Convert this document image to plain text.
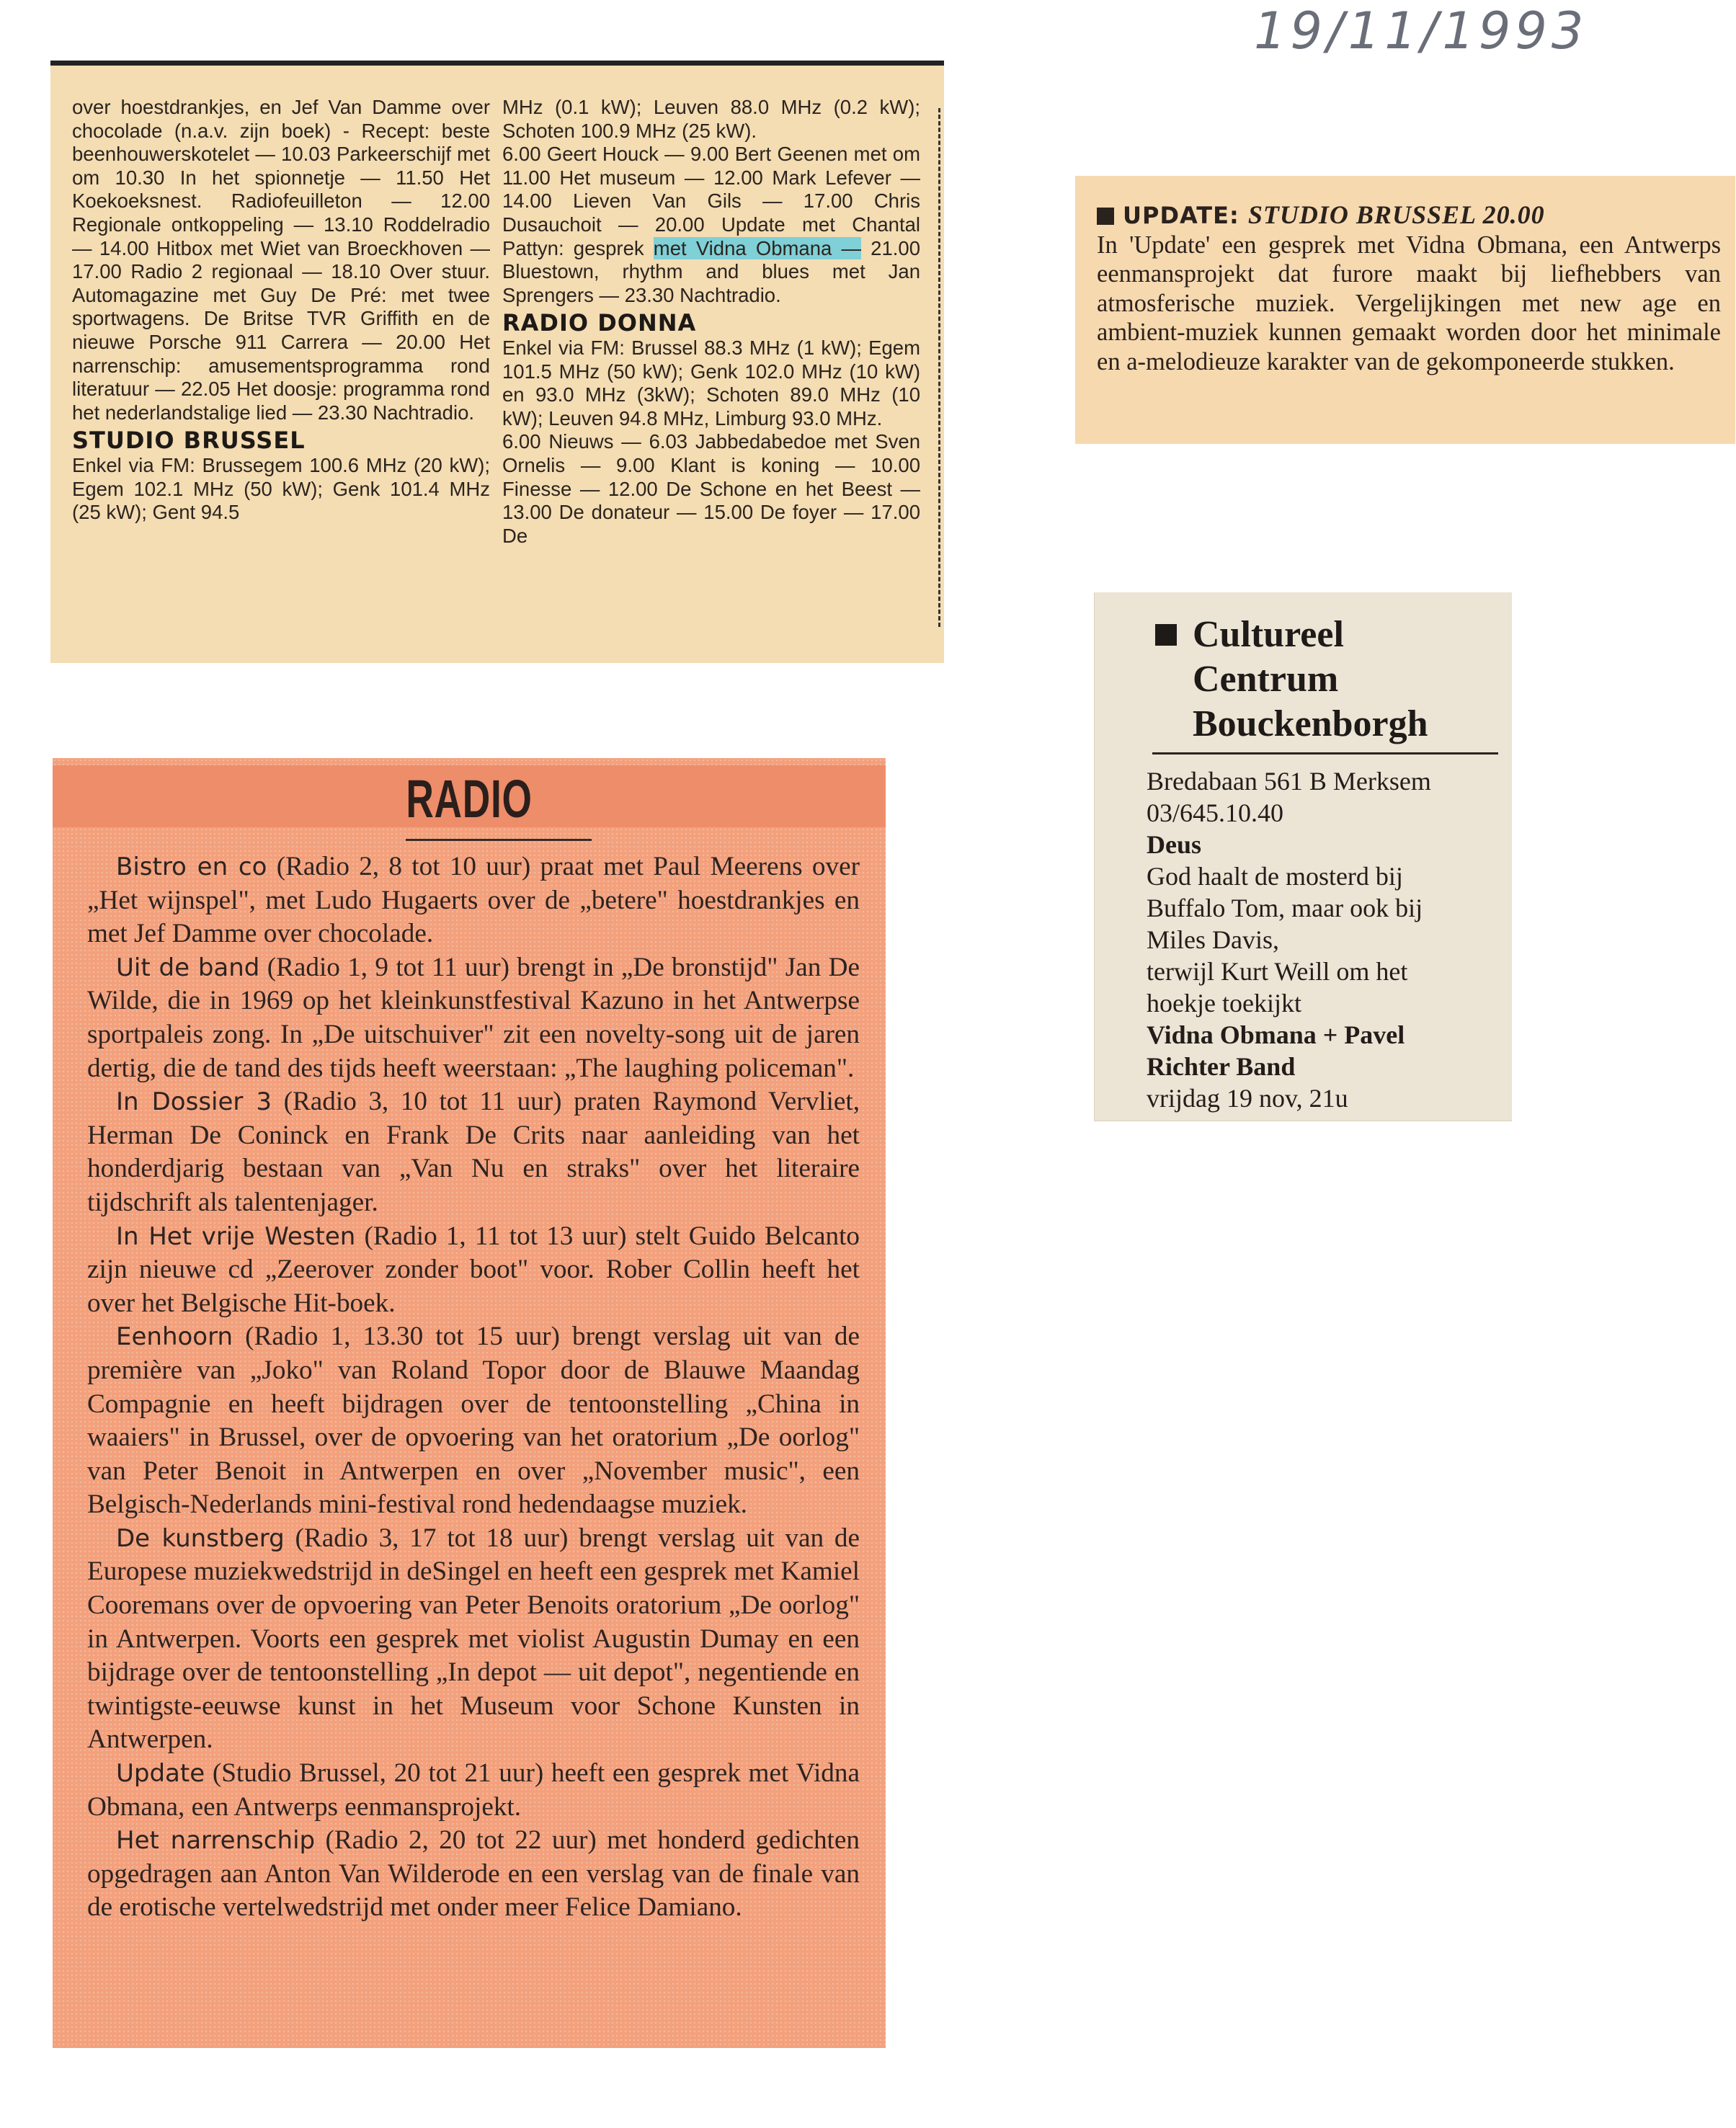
19/11/1993

over hoestdrankjes, en Jef Van Damme over chocolade (n.a.v. zijn boek) - Recept: beste beenhouwerskotelet — 10.03 Parkeerschijf met om 10.30 In het spionnetje — 11.50 Het Koekoeksnest. Radiofeuilleton — 12.00 Regionale ontkoppeling — 13.10 Roddelradio — 14.00 Hitbox met Wiet van Broeckhoven — 17.00 Radio 2 regionaal — 18.10 Over stuur. Automagazine met Guy De Pré: met twee sportwagens. De Britse TVR Griffith en de nieuwe Porsche 911 Carrera — 20.00 Het narrenschip: amusementsprogramma rond literatuur — 22.05 Het doosje: programma rond het nederlandstalige lied — 23.30 Nachtradio.

STUDIO BRUSSEL

Enkel via FM: Brussegem 100.6 MHz (20 kW); Egem 102.1 MHz (50 kW); Genk 101.4 MHz (25 kW); Gent 94.5

MHz (0.1 kW); Leuven 88.0 MHz (0.2 kW); Schoten 100.9 MHz (25 kW).

6.00 Geert Houck — 9.00 Bert Geenen met om 11.00 Het museum — 12.00 Mark Lefever — 14.00 Lieven Van Gils — 17.00 Chris Dusauchoit — 20.00 Update met Chantal Pattyn: gesprek met Vidna Obmana — 21.00 Bluestown, rhythm and blues met Jan Sprengers — 23.30 Nachtradio.

RADIO DONNA

Enkel via FM: Brussel 88.3 MHz (1 kW); Egem 101.5 MHz (50 kW); Genk 102.0 MHz (10 kW) en 93.0 MHz (3kW); Schoten 89.0 MHz (10 kW); Leuven 94.8 MHz, Limburg 93.0 MHz.

6.00 Nieuws — 6.03 Jabbedabedoe met Sven Ornelis — 9.00 Klant is koning — 10.00 Finesse — 12.00 De Schone en het Beest — 13.00 De donateur — 15.00 De foyer — 17.00 De

RADIO

Bistro en co (Radio 2, 8 tot 10 uur) praat met Paul Meerens over „Het wijnspel", met Ludo Hugaerts over de „betere" hoestdrankjes en met Jef Damme over chocolade.

Uit de band (Radio 1, 9 tot 11 uur) brengt in „De bronstijd" Jan De Wilde, die in 1969 op het kleinkunstfestival Kazuno in het Antwerpse sportpaleis zong. In „De uitschuiver" zit een novelty-song uit de jaren dertig, die de tand des tijds heeft weerstaan: „The laughing policeman".

In Dossier 3 (Radio 3, 10 tot 11 uur) praten Raymond Vervliet, Herman De Coninck en Frank De Crits naar aanleiding van het honderdjarig bestaan van „Van Nu en straks" over het literaire tijdschrift als talentenjager.

In Het vrije Westen (Radio 1, 11 tot 13 uur) stelt Guido Belcanto zijn nieuwe cd „Zeerover zonder boot" voor. Rober Collin heeft het over het Belgische Hit-boek.

Eenhoorn (Radio 1, 13.30 tot 15 uur) brengt verslag uit van de première van „Joko" van Roland Topor door de Blauwe Maandag Compagnie en heeft bijdragen over de tentoonstelling „China in waaiers" in Brussel, over de opvoering van het oratorium „De oorlog" van Peter Benoit in Antwerpen en over „November music", een Belgisch-Nederlands mini-festival rond hedendaagse muziek.

De kunstberg (Radio 3, 17 tot 18 uur) brengt verslag uit van de Europese muziekwedstrijd in deSingel en heeft een gesprek met Kamiel Cooremans over de opvoering van Peter Benoits oratorium „De oorlog" in Antwerpen. Voorts een gesprek met violist Augustin Dumay en een bijdrage over de tentoonstelling „In depot — uit depot", negentiende en twintigste-eeuwse kunst in het Museum voor Schone Kunsten in Antwerpen.

Update (Studio Brussel, 20 tot 21 uur) heeft een gesprek met Vidna Obmana, een Antwerps eenmansprojekt.

Het narrenschip (Radio 2, 20 tot 22 uur) met honderd gedichten opgedragen aan Anton Van Wilderode en een verslag van de finale van de erotische vertelwedstrijd met onder meer Felice Damiano.

UPDATE: STUDIO BRUSSEL 20.00
In 'Update' een gesprek met Vidna Obmana, een Antwerps eenmansprojekt dat furore maakt bij liefhebbers van atmosferische muziek. Vergelijkingen met new age en ambient-muziek kunnen gemaakt worden door het minimale en a-melodieuze karakter van de gekomponeerde stukken.
Cultureel
Centrum
Bouckenborgh
Bredabaan 561 B Merksem
03/645.10.40
Deus
God haalt de mosterd bij
Buffalo Tom, maar ook bij
Miles Davis,
terwijl Kurt Weill om het
hoekje toekijkt
Vidna Obmana + Pavel
Richter Band
vrijdag 19 nov, 21u
